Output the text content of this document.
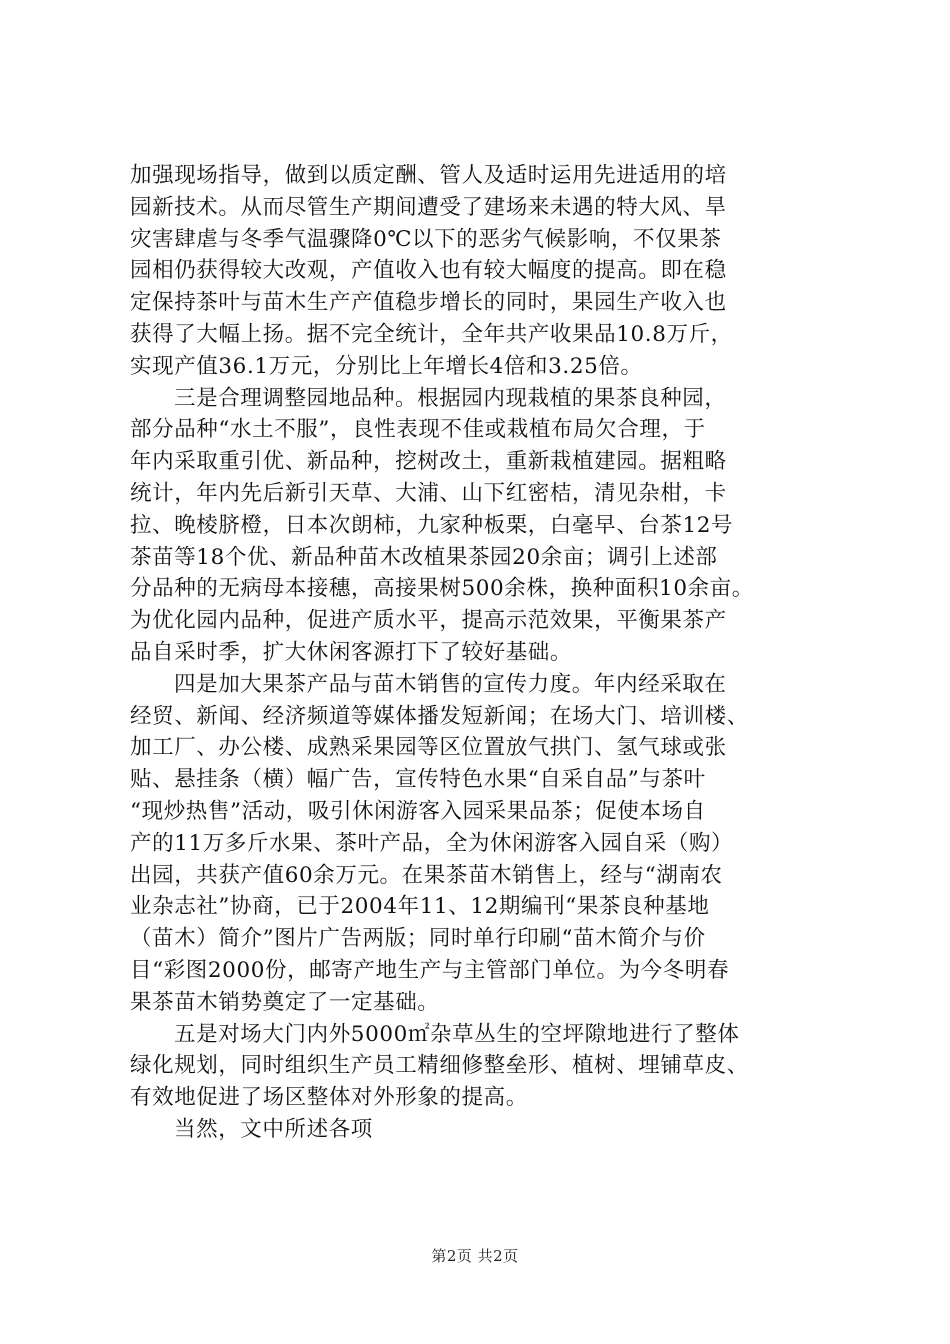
加强现场指导，做到以质定酬、管人及适时运用先进适用的培
园新技术。从而尽管生产期间遭受了建场来未遇的特大风、旱
灾害肆虐与冬季气温骤降0℃以下的恶劣气候影响，不仅果茶
园相仍获得较大改观，产值收入也有较大幅度的提高。即在稳
定保持茶叶与苗木生产产值稳步增长的同时，果园生产收入也
获得了大幅上扬。据不完全统计，全年共产收果品10.8万斤，
实现产值36.1万元，分别比上年增长4倍和3.25倍。
三是合理调整园地品种。根据园内现栽植的果茶良种园，
部分品种“水土不服”，良性表现不佳或栽植布局欠合理，于
年内采取重引优、新品种，挖树改土，重新栽植建园。据粗略
统计，年内先后新引天草、大浦、山下红密桔，清见杂柑，卡
拉、晚棱脐橙，日本次朗柿，九家种板栗，白毫早、台茶12号
茶苗等18个优、新品种苗木改植果茶园20余亩；调引上述部
分品种的无病母本接穗，高接果树500余株，换种面积10余亩。
为优化园内品种，促进产质水平，提高示范效果，平衡果茶产
品自采时季，扩大休闲客源打下了较好基础。
四是加大果茶产品与苗木销售的宣传力度。年内经采取在
经贸、新闻、经济频道等媒体播发短新闻；在场大门、培训楼、
加工厂、办公楼、成熟采果园等区位置放气拱门、氢气球或张
贴、悬挂条（横）幅广告，宣传特色水果“自采自品”与茶叶
“现炒热售”活动，吸引休闲游客入园采果品茶；促使本场自
产的11万多斤水果、茶叶产品，全为休闲游客入园自采（购）
出园，共获产值60余万元。在果茶苗木销售上，经与“湖南农
业杂志社”协商，已于2004年11、12期编刊“果茶良种基地
（苗木）简介”图片广告两版；同时单行印刷“苗木简介与价
目“彩图2000份，邮寄产地生产与主管部门单位。为今冬明春
果茶苗木销势奠定了一定基础。
五是对场大门内外5000㎡杂草丛生的空坪隙地进行了整体
绿化规划，同时组织生产员工精细修整垒形、植树、埋铺草皮、
有效地促进了场区整体对外形象的提高。
当然，文中所述各项
第2页 共2页
